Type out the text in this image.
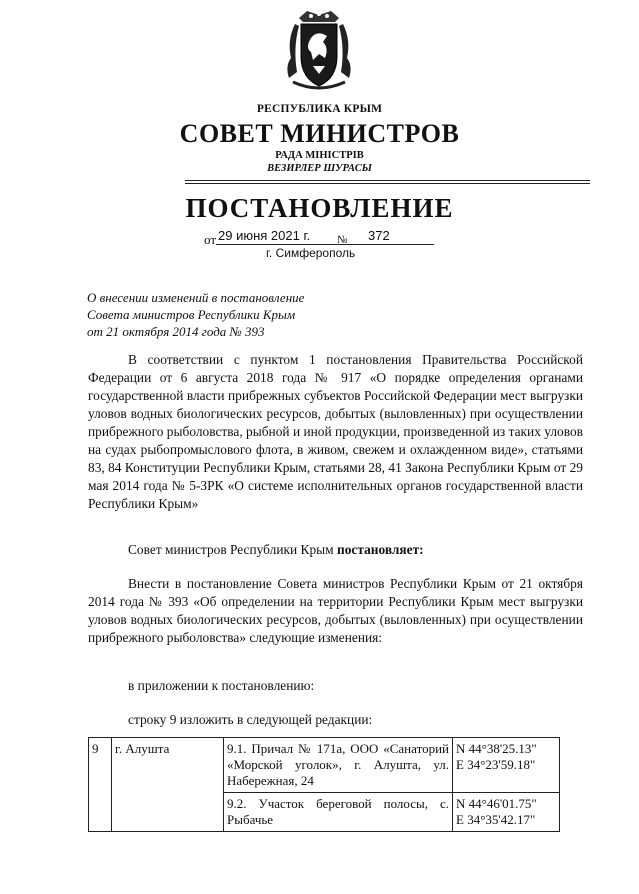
РЕСПУБЛИКА КРЫМ
СОВЕТ МИНИСТРОВ
РАДА МІНІСТРІВ
ВЕЗИРЛЕР ШУРАСЫ
ПОСТАНОВЛЕНИЕ
от 29 июня 2021 г. № 372
г. Симферополь
О внесении изменений в постановление
Совета министров Республики Крым
от 21 октября 2014 года № 393

В соответствии с пунктом 1 постановления Правительства Российской Федерации от 6 августа 2018 года № 917 «О порядке определения органами государственной власти прибрежных субъектов Российской Федерации мест выгрузки уловов водных биологических ресурсов, добытых (выловленных) при осуществлении прибрежного рыболовства, рыбной и иной продукции, произведенной из таких уловов на судах рыбопромыслового флота, в живом, свежем и охлажденном виде», статьями 83, 84 Конституции Республики Крым, статьями 28, 41 Закона Республики Крым от 29 мая 2014 года № 5-ЗРК «О системе исполнительных органов государственной власти Республики Крым»

Совет министров Республики Крым постановляет:

Внести в постановление Совета министров Республики Крым от 21 октября 2014 года № 393 «Об определении на территории Республики Крым мест выгрузки уловов водных биологических ресурсов, добытых (выловленных) при осуществлении прибрежного рыболовства» следующие изменения:

в приложении к постановлению:

строку 9 изложить в следующей редакции:

9	г. Алушта	9.1. Причал № 171а, ООО «Санаторий «Морской уголок», г. Алушта, ул. Набережная, 24	N 44°38'25.13"
E 34°23'59.18"

		9.2. Участок береговой полосы, с. Рыбачье	N 44°46'01.75"
E 34°35'42.17"
